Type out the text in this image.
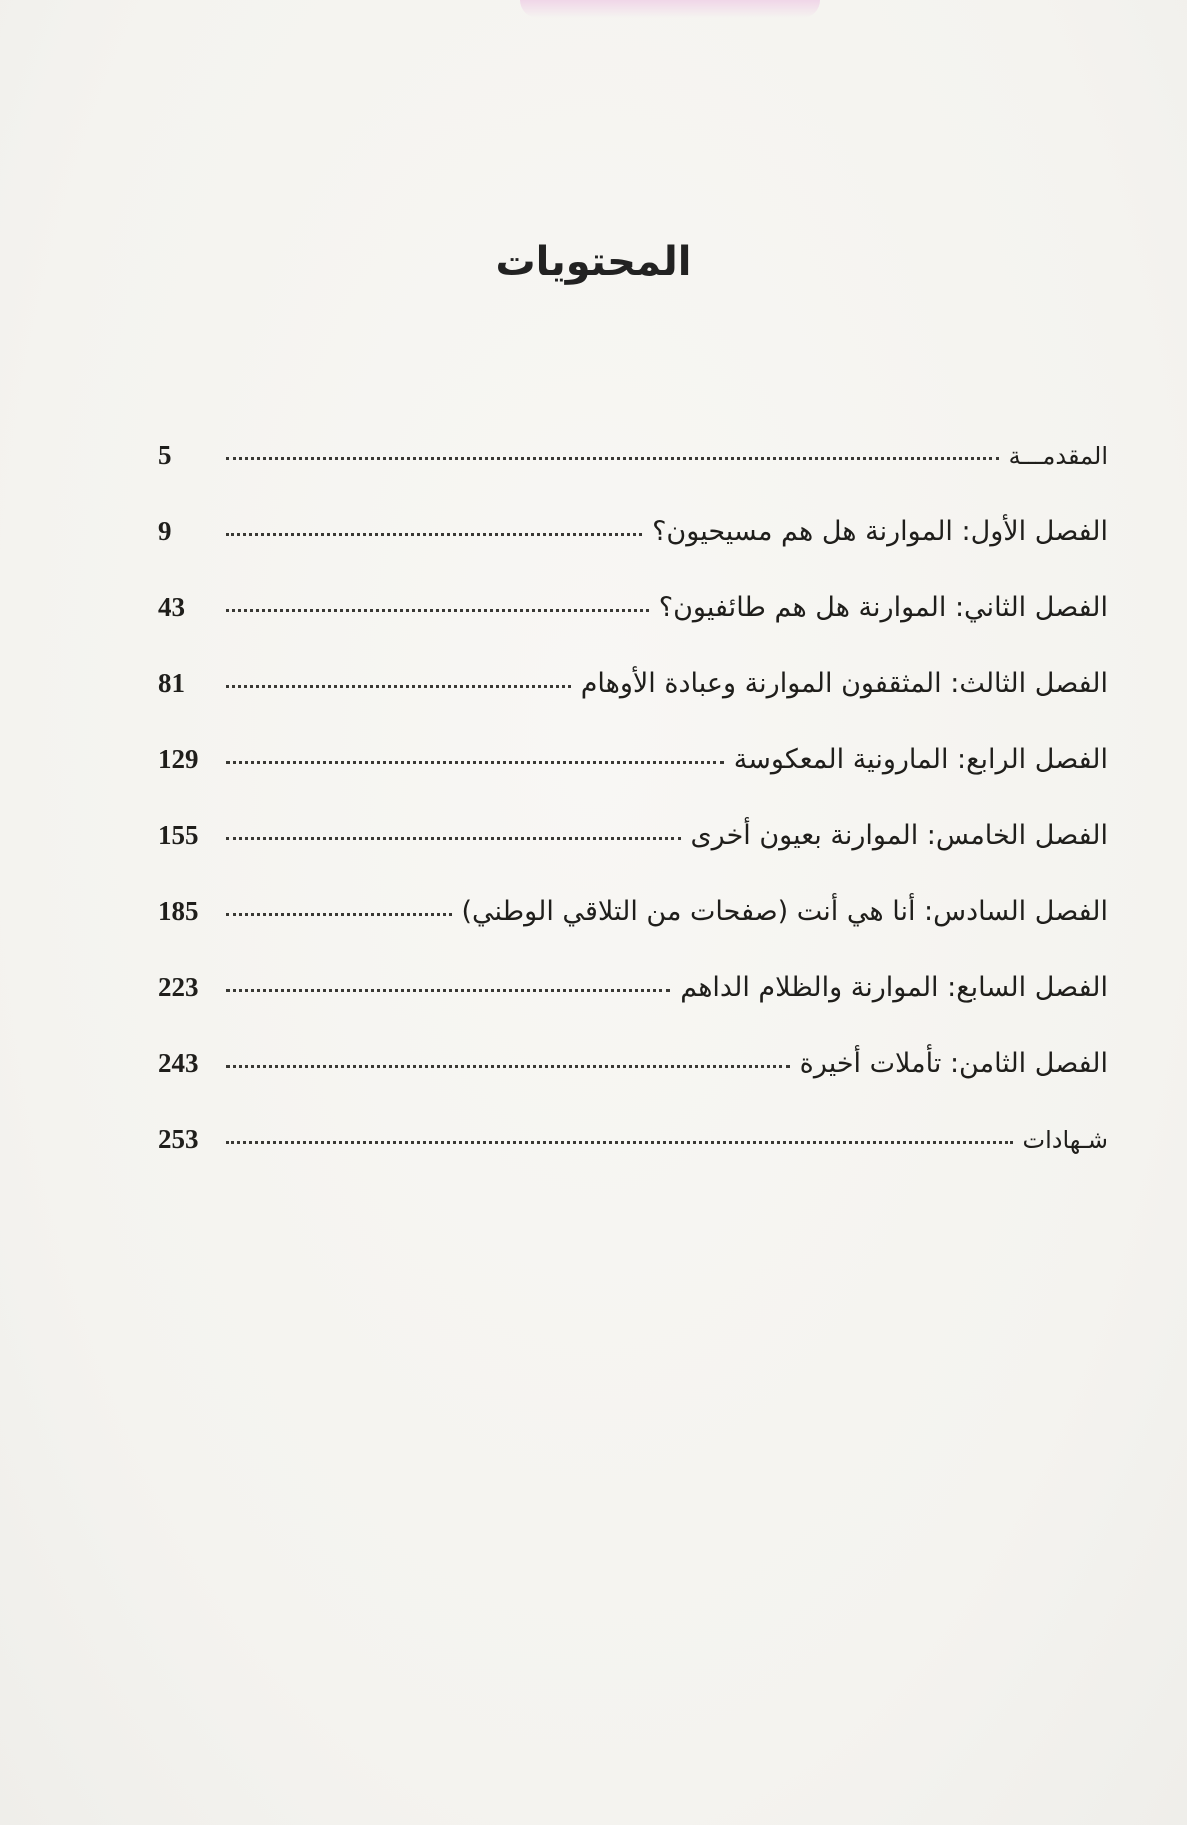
المحتويات
المقدمـــة
5
الفصل الأول: الموارنة هل هم مسيحيون؟
9
الفصل الثاني: الموارنة هل هم طائفيون؟
43
الفصل الثالث: المثقفون الموارنة وعبادة الأوهام
81
الفصل الرابع: المارونية المعكوسة
129
الفصل الخامس: الموارنة بعيون أخرى
155
الفصل السادس: أنا هي أنت (صفحات من التلاقي الوطني)
185
الفصل السابع: الموارنة والظلام الداهم
223
الفصل الثامن: تأملات أخيرة
243
شـهادات
253
